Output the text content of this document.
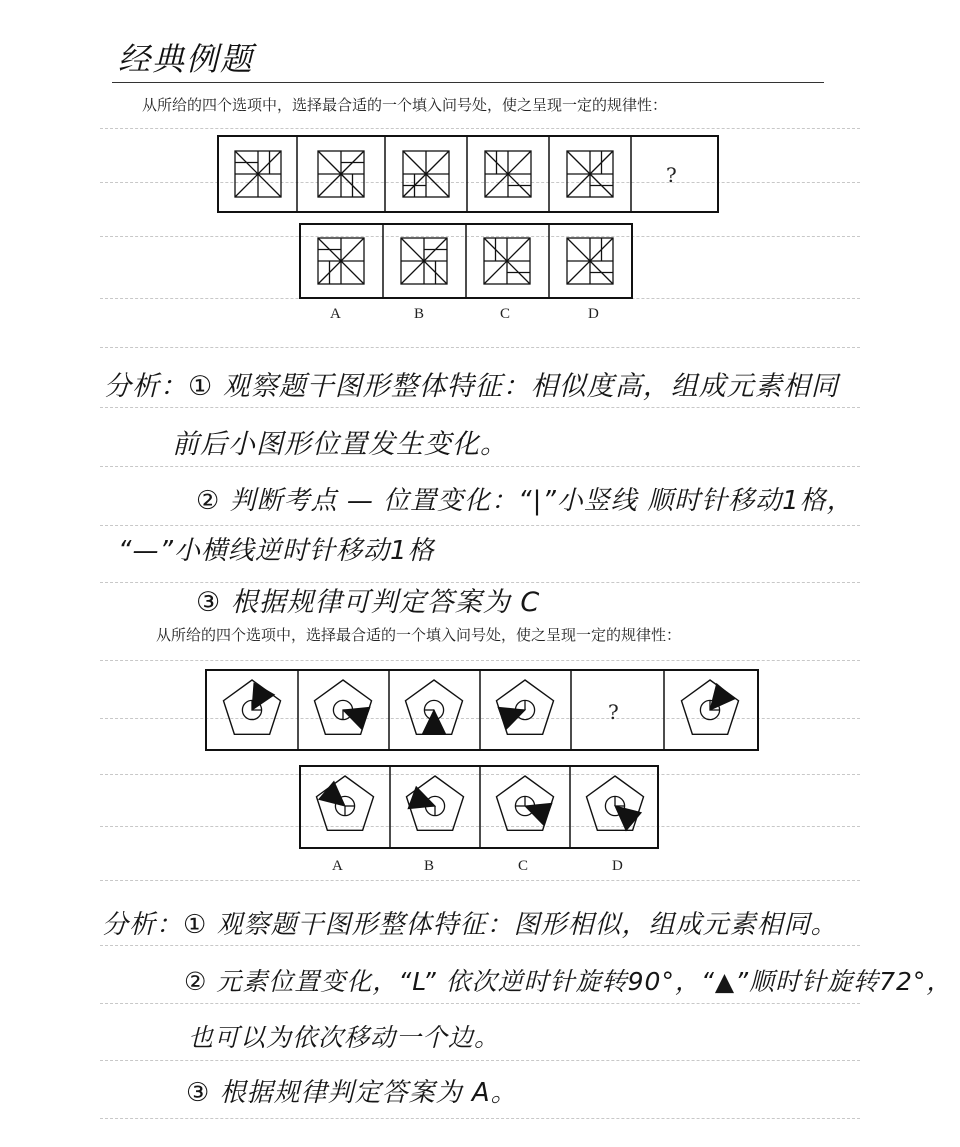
经典例题
从所给的四个选项中，选择最合适的一个填入问号处，使之呈现一定的规律性：
?
A	B	C	D
分析：① 观察题干图形整体特征：相似度高，组成元素相同
前后小图形位置发生变化。
② 判断考点 — 位置变化：“|”小竖线 顺时针移动1格，
“—”小横线逆时针移动1格
③ 根据规律可判定答案为 C
从所给的四个选项中，选择最合适的一个填入问号处，使之呈现一定的规律性：
?
A	B	C	D
分析：① 观察题干图形整体特征：图形相似，组成元素相同。
② 元素位置变化，“L” 依次逆时针旋转90°，“▲”顺时针旋转72°，
也可以为依次移动一个边。
③ 根据规律判定答案为 A。
